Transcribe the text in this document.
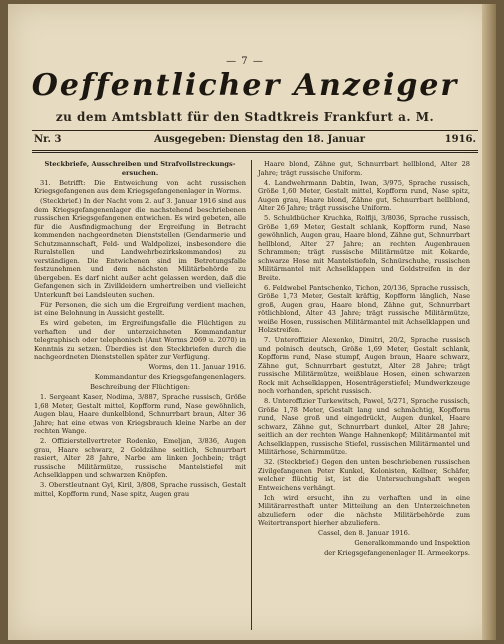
— 7 —
Oeffentlicher Anzeiger
zu dem Amtsblatt für den Stadtkreis Frankfurt a. M.
Nr. 3	Ausgegeben: Dienstag den 18. Januar	1916.

Steckbriefe, Ausschreiben und Strafvollstreckungs-ersuchen.

31. Betrifft: Die Entweichung von acht russischen Kriegsgefangenen aus dem Kriegsgefangenenlager in Worms.

(Steckbrief.) In der Nacht vom 2. auf 3. Januar 1916 sind aus dem Kriegsgefangenenlager die nachstehend beschriebenen russischen Kriegsgefangenen entwichen. Es wird gebeten, alle für die Ausfindigmachung der Ergreifung in Betracht kommenden nachgeordneten Dienststellen (Gendarmerie und Schutzmannschaft, Feld- und Waldpolizei, insbesondere die Ruralstellen und Landwehrbezirkskommandos) zu verständigen. Die Entwichenen sind im Betretungsfalle festzunehmen und dem nächsten Militärbehörde zu übergeben. Es darf nicht außer acht gelassen werden, daß die Gefangenen sich in Zivilkleidern umhertreiben und vielleicht Unterkunft bei Landsleuten suchen.

Für Personen, die sich um die Ergreifung verdient machen, ist eine Belohnung in Aussicht gestellt.

Es wird gebeten, im Ergreifungsfalle die Flüchtigen zu verhaften und der unterzeichneten Kommandantur telegraphisch oder telephonisch (Amt Worms 2069 u. 2070) in Kenntnis zu setzen. Überdies ist den Steckbriefen durch die nachgeordneten Dienststellen später zur Verfügung.

Worms, den 11. Januar 1916.

Kommandantur des Kriegsgefangenenlagers.

Beschreibung der Flüchtigen:

1. Sergeant Kaser, Nodima, 3/887, Sprache russisch, Größe 1,68 Meter, Gestalt mittel, Kopfform rund, Nase gewöhnlich, Augen blau, Haare dunkelblond, Schnurrbart braun, Alter 36 Jahre; hat eine etwas von Kriegsbrauch kleine Narbe an der rechten Wange.

2. Offizierstellvertreter Rodenko, Emeljan, 3/836, Augen grau, Haare schwarz, 2 Goldzähne seitlich, Schnurrbart rasiert, Alter 28 Jahre, Narbe am linken Jochbein; trägt russische Militärmütze, russische Mantelstiefel mit Achselklappen und schwarzen Knöpfen.

3. Oberstleutnant Gyl, Kiril, 3/808, Sprache russisch, Gestalt mittel, Kopfform rund, Nase spitz, Augen grau

Haare blond, Zähne gut, Schnurrbart hellblond, Alter 28 Jahre; trägt russische Uniform.

4. Landwehrmann Dabtin, Iwan, 3/975, Sprache russisch, Größe 1,60 Meter, Gestalt mittel, Kopfform rund, Nase spitz, Augen grau, Haare blond, Zähne gut, Schnurrbart hellblond, Alter 26 Jahre; trägt russische Uniform.

5. Schuldbücher Kruchka, Rolfiji, 3/8036, Sprache russisch, Größe 1,69 Meter, Gestalt schlank, Kopfform rund, Nase gewöhnlich, Augen grau, Haare blond, Zähne gut, Schnurrbart hellblond, Alter 27 Jahre; an rechten Augenbrauen Schrammen; trägt russische Militärmütze mit Kokarde, schwarze Hose mit Mantelstiefeln, Schnürschuhe, russischen Militärmantel mit Achselklappen und Goldstreifen in der Breite.

6. Feldwebel Pantschenko, Tichon, 20/136, Sprache russisch, Größe 1,73 Meter, Gestalt kräftig, Kopfform länglich, Nase groß, Augen grau, Haare blond, Zähne gut, Schnurrbart rötlichblond, Alter 43 Jahre; trägt russische Militärmütze, weiße Hosen, russischen Militärmantel mit Achselklappen und Holzstreifen.

7. Unteroffizier Alexenko, Dimitri, 20/2, Sprache russisch und polnisch deutsch, Größe 1,69 Meter, Gestalt schlank, Kopfform rund, Nase stumpf, Augen braun, Haare schwarz, Zähne gut, Schnurrbart gestutzt, Alter 28 Jahre; trägt russische Militärmütze, weißblaue Hosen, einen schwarzen Rock mit Achselklappen, Hosenträgerstiefel; Mundwerkzeuge noch vorhanden, spricht russisch.

8. Unteroffizier Turkewitsch, Pawel, 5/271, Sprache russisch, Größe 1,78 Meter, Gestalt lang und schmächtig, Kopfform rund, Nase groß und eingedrückt, Augen dunkel, Haare schwarz, Zähne gut, Schnurrbart dunkel, Alter 28 Jahre; seitlich an der rechten Wange Hahnenkopf; Militärmantel mit Achselklappen, russische Stiefel, russischen Militärmantel und Militärhose, Schirmmütze.

32. (Steckbrief.) Gegen den unten beschriebenen russischen Zivilgefangenen Peter Kunkel, Kolonisten, Kellner, Schäfer, welcher flüchtig ist, ist die Untersuchungshaft wegen Entweichens verhängt.

Ich wird ersucht, ihn zu verhaften und in eine Militärarresthaft unter Mitteilung an den Unterzeichneten abzuliefern oder die nächste Militärbehörde zum Weitertransport hierher abzuliefern.

Cassel, den 8. Januar 1916.

Generalkommando und Inspektion

der Kriegsgefangenenlager II. Armeekorps.
